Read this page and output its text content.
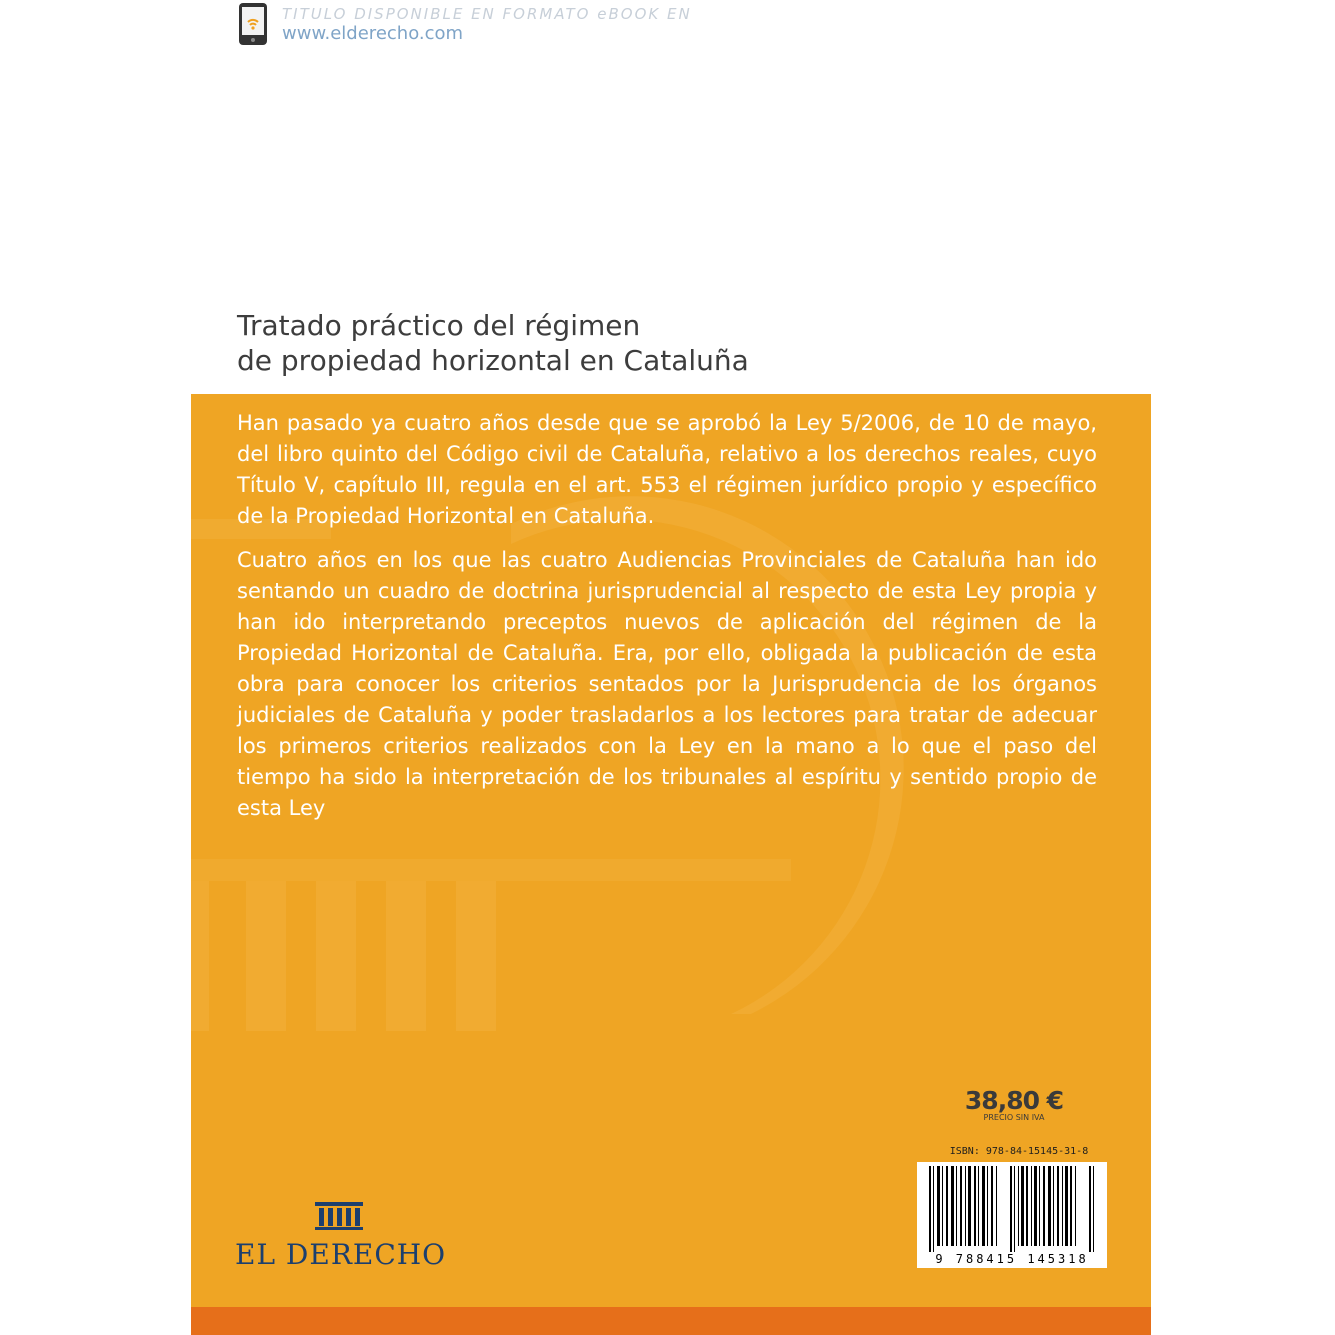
TITULO DISPONIBLE EN FORMATO eBOOK EN
www.elderecho.com
Tratado práctico del régimen
de propiedad horizontal en Cataluña

Han pasado ya cuatro años desde que se aprobó la Ley 5/2006, de 10 de mayo, del libro quinto del Código civil de Cataluña, relativo a los derechos reales, cuyo Título V, capítulo III, regula en el art. 553 el régimen jurídico propio y específico de la Propiedad Horizontal en Cataluña.

Cuatro años en los que las cuatro Audiencias Provinciales de Cataluña han ido sentando un cuadro de doctrina jurisprudencial al respecto de esta Ley propia y han ido interpretando preceptos nuevos de aplicación del régimen de la Propiedad Horizontal de Cataluña. Era, por ello, obligada la publicación de esta obra para conocer los criterios sentados por la Jurisprudencia de los órganos judiciales de Cataluña y poder trasladarlos a los lectores para tratar de adecuar los primeros criterios realizados con la Ley en la mano a lo que el paso del tiempo ha sido la interpretación de los tribunales al espíritu y sentido propio de esta Ley

38,80 €
PRECIO SIN IVA
ISBN: 978-84-15145-31-8
9 788415 145318
EL DERECHO
